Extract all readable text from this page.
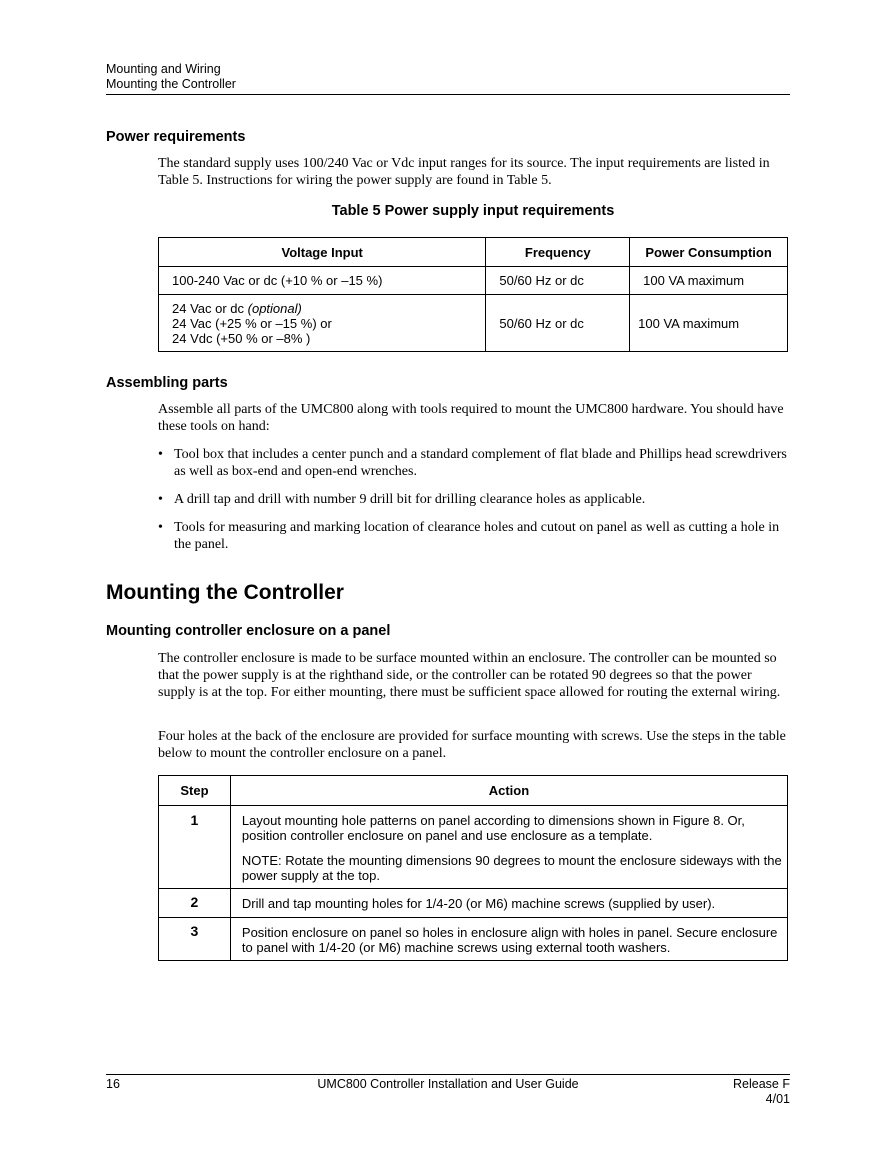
Mounting and Wiring
Mounting the Controller
Power requirements

The standard supply uses 100/240 Vac or Vdc input ranges for its source. The input requirements are listed in Table 5. Instructions for wiring the power supply are found in Table 5.

Table 5 Power supply input requirements
Voltage Input	Frequency	Power Consumption
100-240 Vac or dc (+10 % or –15 %)	50/60 Hz or dc	100 VA maximum

24 Vac or dc (optional)
24 Vac (+25 % or –15 %) or
24 Vdc (+50 % or –8% )	50/60 Hz or dc	100 VA maximum
Assembling parts

Assemble all parts of the UMC800 along with tools required to mount the UMC800 hardware. You should have these tools on hand:

• Tool box that includes a center punch and a standard complement of flat blade and Phillips head screwdrivers as well as box-end and open-end wrenches.
• A drill tap and drill with number 9 drill bit for drilling clearance holes as applicable.
• Tools for measuring and marking location of clearance holes and cutout on panel as well as cutting a hole in the panel.
Mounting the Controller
Mounting controller enclosure on a panel

The controller enclosure is made to be surface mounted within an enclosure. The controller can be mounted so that the power supply is at the righthand side, or the controller can be rotated 90 degrees so that the power supply is at the top. For either mounting, there must be sufficient space allowed for routing the external wiring.

Four holes at the back of the enclosure are provided for surface mounting with screws. Use the steps in the table below to mount the controller enclosure on a panel.

Step	Action
1	Layout mounting hole patterns on panel according to dimensions shown in Figure 8. Or, position controller enclosure on panel and use enclosure as a template.
NOTE: Rotate the mounting dimensions 90 degrees to mount the enclosure sideways with the power supply at the top.

2	Drill and tap mounting holes for 1/4-20 (or M6) machine screws (supplied by user).
3	Position enclosure on panel so holes in enclosure align with holes in panel. Secure enclosure to panel with 1/4-20 (or M6) machine screws using external tooth washers.
16	UMC800 Controller Installation and User Guide	Release F
4/01
